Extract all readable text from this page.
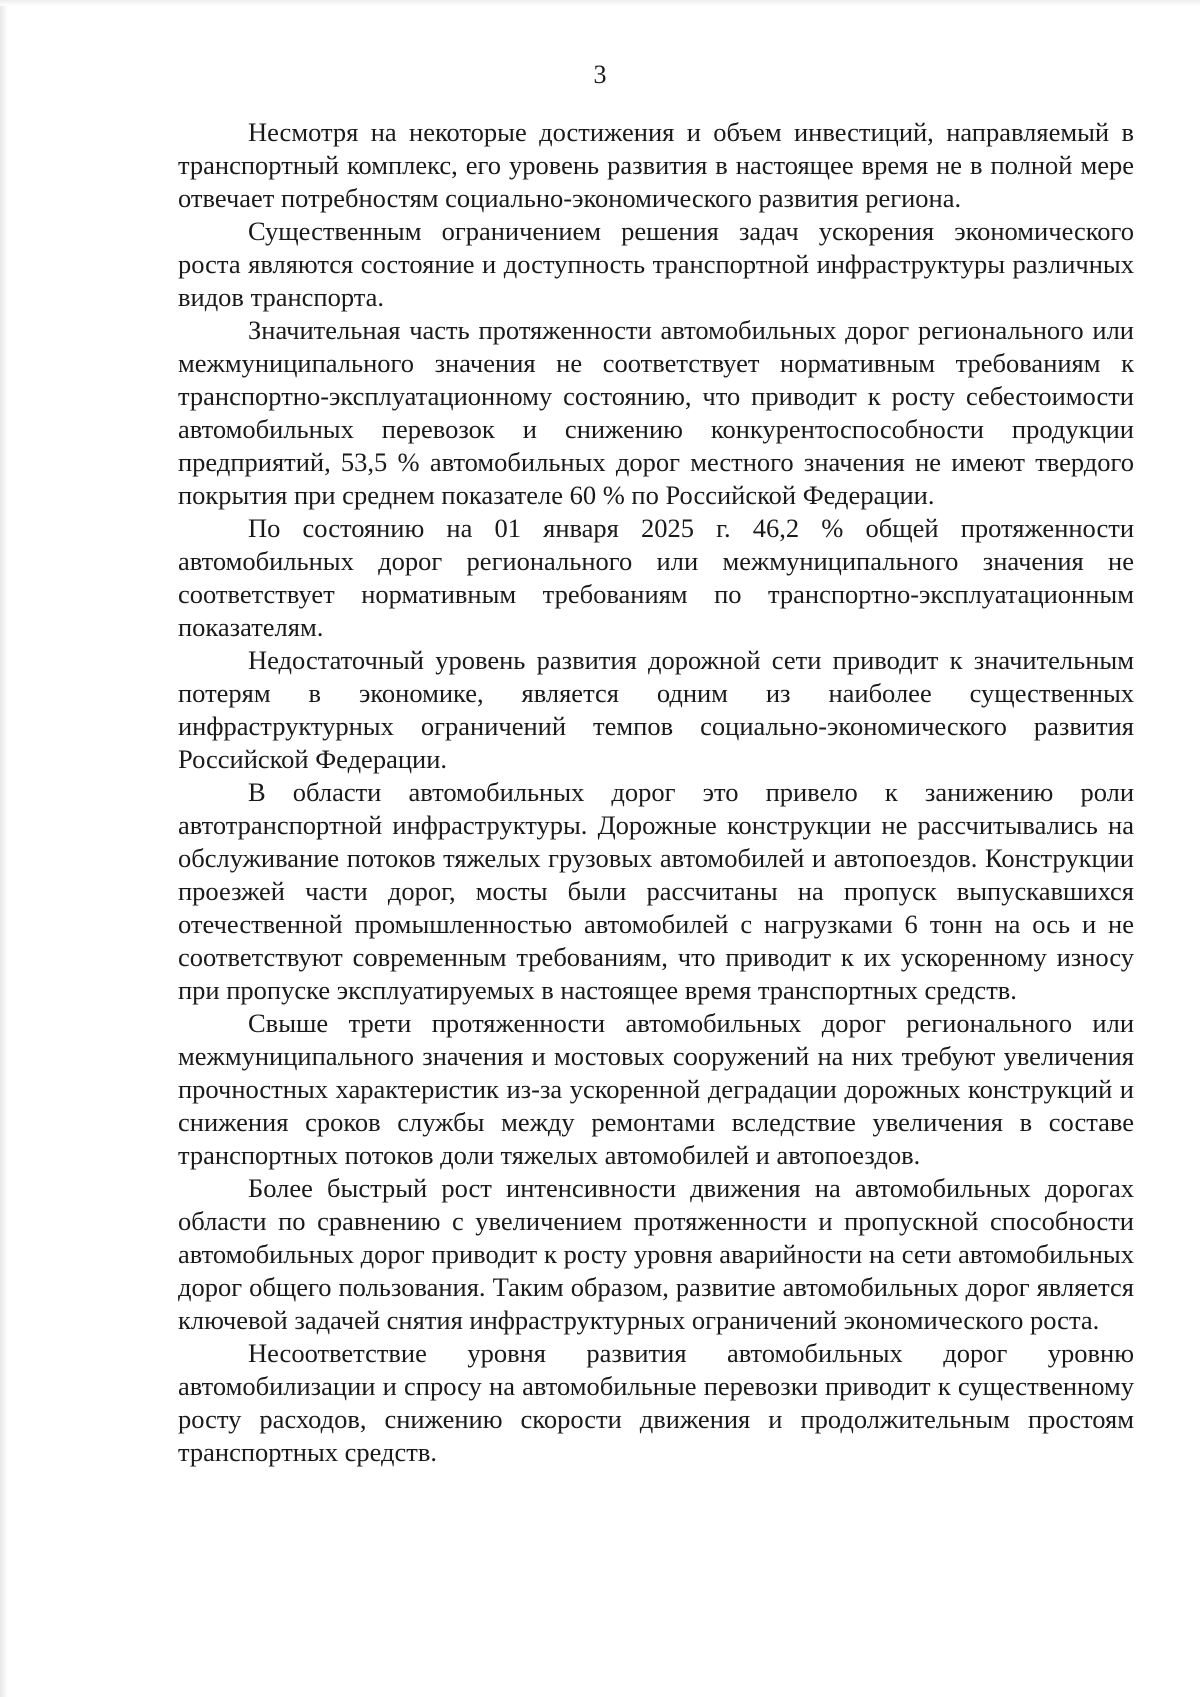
3

Несмотря на некоторые достижения и объем инвестиций, направляемый в транспортный комплекс, его уровень развития в настоящее время не в полной мере отвечает потребностям социально-экономического развития региона.

Существенным ограничением решения задач ускорения экономического роста являются состояние и доступность транспортной инфраструктуры различных видов транспорта.

Значительная часть протяженности автомобильных дорог регионального или межмуниципального значения не соответствует нормативным требованиям к транспортно-эксплуатационному состоянию, что приводит к росту себестоимости автомобильных перевозок и снижению конкурентоспособности продукции предприятий, 53,5 % автомобильных дорог местного значения не имеют твердого покрытия при среднем показателе 60 % по Российской Федерации.

По состоянию на 01 января 2025 г. 46,2 % общей протяженности автомобильных дорог регионального или межмуниципального значения не соответствует нормативным требованиям по транспортно-эксплуатационным показателям.

Недостаточный уровень развития дорожной сети приводит к значительным потерям в экономике, является одним из наиболее существенных инфраструктурных ограничений темпов социально-экономического развития Российской Федерации.

В области автомобильных дорог это привело к занижению роли автотранспортной инфраструктуры. Дорожные конструкции не рассчитывались на обслуживание потоков тяжелых грузовых автомобилей и автопоездов. Конструкции проезжей части дорог, мосты были рассчитаны на пропуск выпускавшихся отечественной промышленностью автомобилей с нагрузками 6 тонн на ось и не соответствуют современным требованиям, что приводит к их ускоренному износу при пропуске эксплуатируемых в настоящее время транспортных средств.

Свыше трети протяженности автомобильных дорог регионального или межмуниципального значения и мостовых сооружений на них требуют увеличения прочностных характеристик из-за ускоренной деградации дорожных конструкций и снижения сроков службы между ремонтами вследствие увеличения в составе транспортных потоков доли тяжелых автомобилей и автопоездов.

Более быстрый рост интенсивности движения на автомобильных дорогах области по сравнению с увеличением протяженности и пропускной способности автомобильных дорог приводит к росту уровня аварийности на сети автомобильных дорог общего пользования. Таким образом, развитие автомобильных дорог является ключевой задачей снятия инфраструктурных ограничений экономического роста.

Несоответствие уровня развития автомобильных дорог уровню автомобилизации и спросу на автомобильные перевозки приводит к существенному росту расходов, снижению скорости движения и продолжительным простоям транспортных средств.
